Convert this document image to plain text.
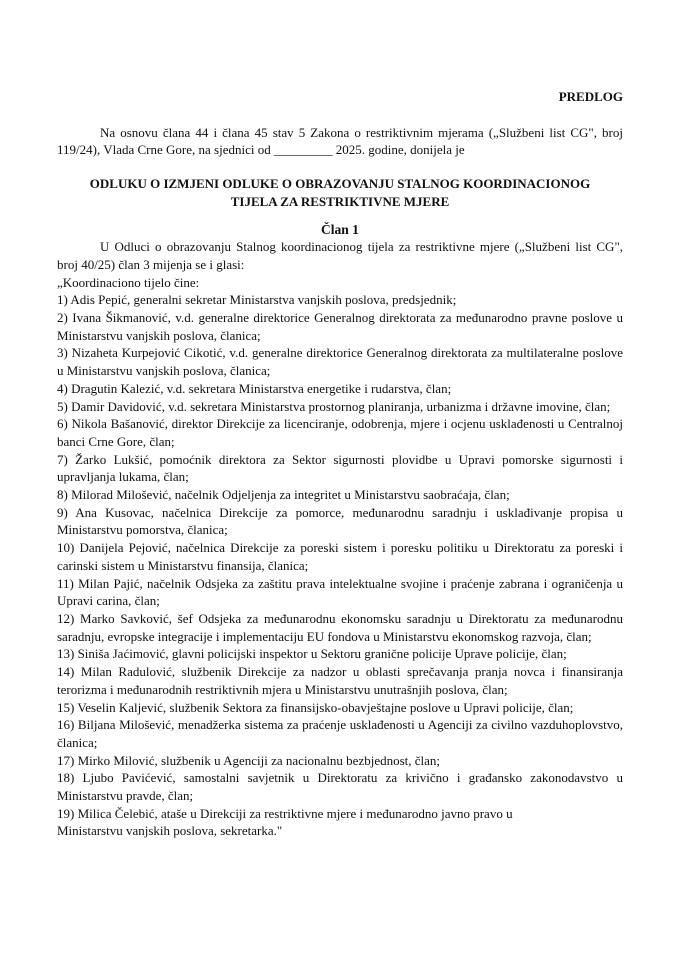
PREDLOG

Na osnovu člana 44 i člana 45 stav 5 Zakona o restriktivnim mjerama („Službeni list CG", broj 119/24), Vlada Crne Gore, na sjednici od _________ 2025. godine, donijela je

ODLUKU O IZMJENI ODLUKE O OBRAZOVANJU STALNOG KOORDINACIONOG
TIJELA ZA RESTRIKTIVNE MJERE

Član 1

U Odluci o obrazovanju Stalnog koordinacionog tijela za restriktivne mjere („Službeni list CG", broj 40/25) član 3 mijenja se i glasi:

„Koordinaciono tijelo čine:

1) Adis Pepić, generalni sekretar Ministarstva vanjskih poslova, predsjednik;

2) Ivana Šikmanović, v.d. generalne direktorice Generalnog direktorata za međunarodno pravne poslove u Ministarstvu vanjskih poslova, članica;

3) Nizaheta Kurpejović Cikotić, v.d. generalne direktorice Generalnog direktorata za multilateralne poslove u Ministarstvu vanjskih poslova, članica;

4) Dragutin Kalezić, v.d. sekretara Ministarstva energetike i rudarstva, član;

5) Damir Davidović, v.d. sekretara Ministarstva prostornog planiranja, urbanizma i državne imovine, član;

6) Nikola Bašanović, direktor Direkcije za licenciranje, odobrenja, mjere i ocjenu usklađenosti u Centralnoj banci Crne Gore, član;

7) Žarko Lukšić, pomoćnik direktora za Sektor sigurnosti plovidbe u Upravi pomorske sigurnosti i upravljanja lukama, član;

8) Milorad Milošević, načelnik Odjeljenja za integritet u Ministarstvu saobraćaja, član;

9) Ana Kusovac, načelnica Direkcije za pomorce, međunarodnu saradnju i usklađivanje propisa u Ministarstvu pomorstva, članica;

10) Danijela Pejović, načelnica Direkcije za poreski sistem i poresku politiku u Direktoratu za poreski i carinski sistem u Ministarstvu finansija, članica;

11) Milan Pajić, načelnik Odsjeka za zaštitu prava intelektualne svojine i praćenje zabrana i ograničenja u Upravi carina, član;

12) Marko Savković, šef Odsjeka za međunarodnu ekonomsku saradnju u Direktoratu za međunarodnu saradnju, evropske integracije i implementaciju EU fondova u Ministarstvu ekonomskog razvoja, član;

13) Siniša Jaćimović, glavni policijski inspektor u Sektoru granične policije Uprave policije, član;

14) Milan Radulović, službenik Direkcije za nadzor u oblasti sprečavanja pranja novca i finansiranja terorizma i međunarodnih restriktivnih mjera u Ministarstvu unutrašnjih poslova, član;

15) Veselin Kaljević, službenik Sektora za finansijsko-obavještajne poslove u Upravi policije, član;

16) Biljana Milošević, menadžerka sistema za praćenje usklađenosti u Agenciji za civilno vazduhoplovstvo, članica;

17) Mirko Milović, službenik u Agenciji za nacionalnu bezbjednost, član;

18) Ljubo Pavićević, samostalni savjetnik u Direktoratu za krivično i građansko zakonodavstvo u Ministarstvu pravde, član;

19) Milica Čelebić, ataše u Direkciji za restriktivne mjere i međunarodno javno pravo u
Ministarstvu vanjskih poslova, sekretarka."
